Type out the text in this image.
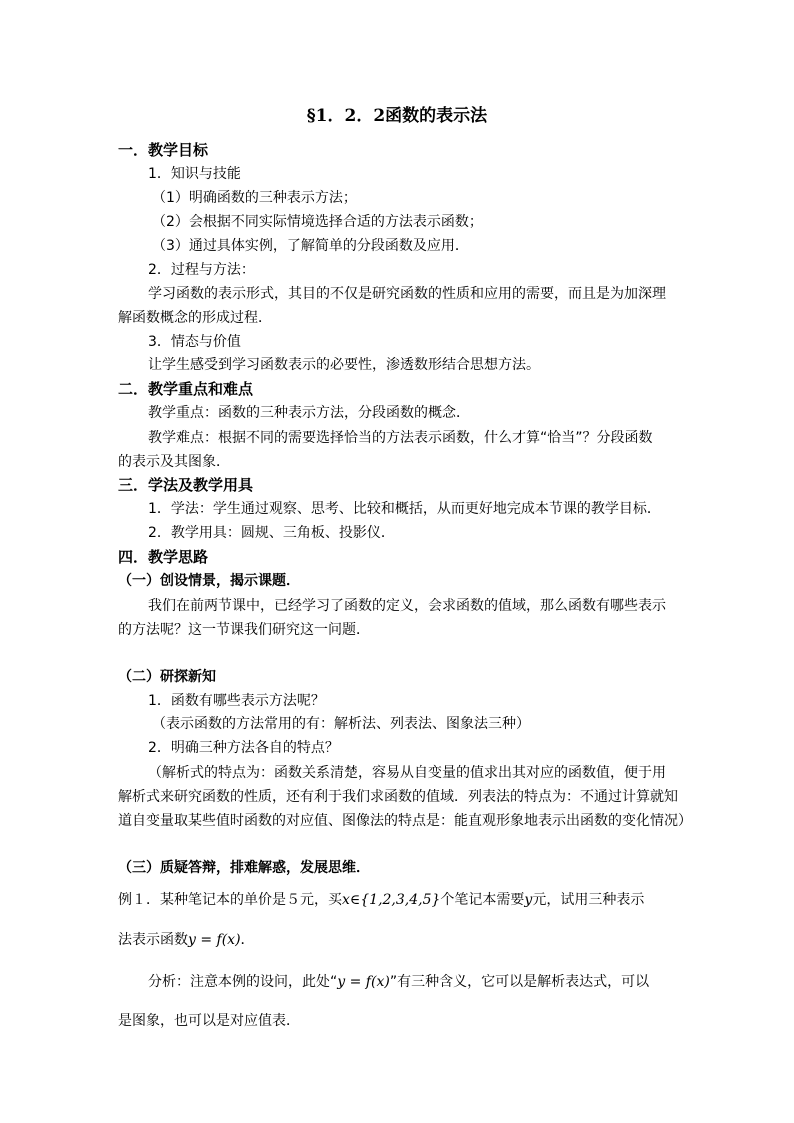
§1．2．2函数的表示法
一．教学目标
1．知识与技能
（1）明确函数的三种表示方法；
（2）会根据不同实际情境选择合适的方法表示函数；
（3）通过具体实例，了解简单的分段函数及应用．
2．过程与方法：
学习函数的表示形式，其目的不仅是研究函数的性质和应用的需要，而且是为加深理
解函数概念的形成过程．
3．情态与价值
让学生感受到学习函数表示的必要性，渗透数形结合思想方法。
二．教学重点和难点
教学重点：函数的三种表示方法，分段函数的概念．
教学难点：根据不同的需要选择恰当的方法表示函数，什么才算“恰当”？分段函数
的表示及其图象．
三．学法及教学用具
1．学法：学生通过观察、思考、比较和概括，从而更好地完成本节课的教学目标．
2．教学用具：圆规、三角板、投影仪．
四．教学思路
（一）创设情景，揭示课题．
我们在前两节课中，已经学习了函数的定义，会求函数的值域，那么函数有哪些表示
的方法呢？这一节课我们研究这一问题．
（二）研探新知
1．函数有哪些表示方法呢？
（表示函数的方法常用的有：解析法、列表法、图象法三种）
2．明确三种方法各自的特点？
（解析式的特点为：函数关系清楚，容易从自变量的值求出其对应的函数值，便于用
解析式来研究函数的性质，还有利于我们求函数的值域．列表法的特点为：不通过计算就知
道自变量取某些值时函数的对应值、图像法的特点是：能直观形象地表示出函数的变化情况）
（三）质疑答辩，排难解惑，发展思维．
例１．某种笔记本的单价是５元，买x∈{1,2,3,4,5}个笔记本需要y元，试用三种表示
法表示函数y = f(x)．
分析：注意本例的设问，此处“y = f(x)”有三种含义，它可以是解析表达式，可以
是图象，也可以是对应值表．
